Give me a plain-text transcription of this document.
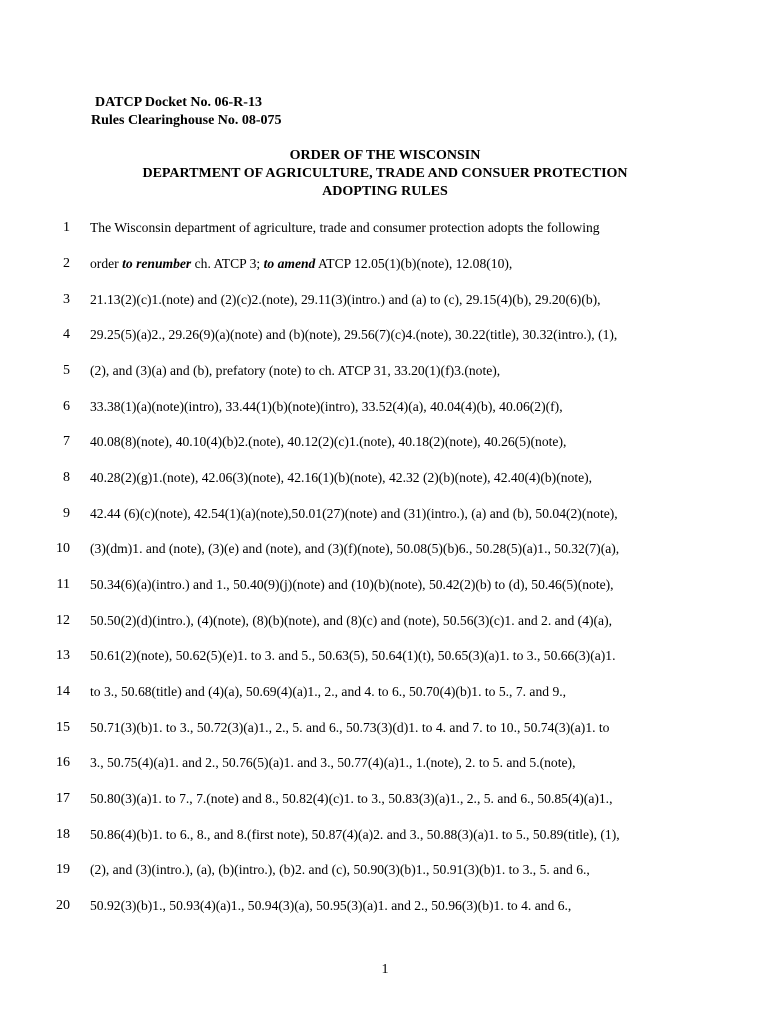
DATCP Docket No. 06-R-13
Rules Clearinghouse No. 08-075
ORDER OF THE WISCONSIN
DEPARTMENT OF AGRICULTURE, TRADE AND CONSUER PROTECTION
ADOPTING RULES
1 The Wisconsin department of agriculture, trade and consumer protection adopts the following
2 order to renumber ch. ATCP 3; to amend ATCP 12.05(1)(b)(note), 12.08(10),
3 21.13(2)(c)1.(note) and (2)(c)2.(note), 29.11(3)(intro.) and (a) to (c), 29.15(4)(b), 29.20(6)(b),
4 29.25(5)(a)2., 29.26(9)(a)(note) and (b)(note), 29.56(7)(c)4.(note), 30.22(title), 30.32(intro.), (1),
5 (2), and (3)(a) and (b), prefatory (note) to ch. ATCP 31, 33.20(1)(f)3.(note),
6 33.38(1)(a)(note)(intro), 33.44(1)(b)(note)(intro), 33.52(4)(a), 40.04(4)(b), 40.06(2)(f),
7 40.08(8)(note), 40.10(4)(b)2.(note), 40.12(2)(c)1.(note), 40.18(2)(note), 40.26(5)(note),
8 40.28(2)(g)1.(note), 42.06(3)(note), 42.16(1)(b)(note), 42.32 (2)(b)(note), 42.40(4)(b)(note),
9 42.44 (6)(c)(note), 42.54(1)(a)(note),50.01(27)(note) and (31)(intro.), (a) and (b), 50.04(2)(note),
10 (3)(dm)1. and (note), (3)(e) and (note), and (3)(f)(note), 50.08(5)(b)6., 50.28(5)(a)1., 50.32(7)(a),
11 50.34(6)(a)(intro.) and 1., 50.40(9)(j)(note) and (10)(b)(note), 50.42(2)(b) to (d), 50.46(5)(note),
12 50.50(2)(d)(intro.), (4)(note), (8)(b)(note), and (8)(c) and (note), 50.56(3)(c)1. and 2. and (4)(a),
13 50.61(2)(note), 50.62(5)(e)1. to 3. and 5., 50.63(5), 50.64(1)(t), 50.65(3)(a)1. to 3., 50.66(3)(a)1.
14 to 3., 50.68(title) and (4)(a), 50.69(4)(a)1., 2., and 4. to 6., 50.70(4)(b)1. to 5., 7. and 9.,
15 50.71(3)(b)1. to 3., 50.72(3)(a)1., 2., 5. and 6., 50.73(3)(d)1. to 4. and 7. to 10., 50.74(3)(a)1. to
16 3., 50.75(4)(a)1. and 2., 50.76(5)(a)1. and 3., 50.77(4)(a)1., 1.(note), 2. to 5. and 5.(note),
17 50.80(3)(a)1. to 7., 7.(note) and 8., 50.82(4)(c)1. to 3., 50.83(3)(a)1., 2., 5. and 6., 50.85(4)(a)1.,
18 50.86(4)(b)1. to 6., 8., and 8.(first note), 50.87(4)(a)2. and 3., 50.88(3)(a)1. to 5., 50.89(title), (1),
19 (2), and (3)(intro.), (a), (b)(intro.), (b)2. and (c), 50.90(3)(b)1., 50.91(3)(b)1. to 3., 5. and 6.,
20 50.92(3)(b)1., 50.93(4)(a)1., 50.94(3)(a), 50.95(3)(a)1. and 2., 50.96(3)(b)1. to 4. and 6.,
1
